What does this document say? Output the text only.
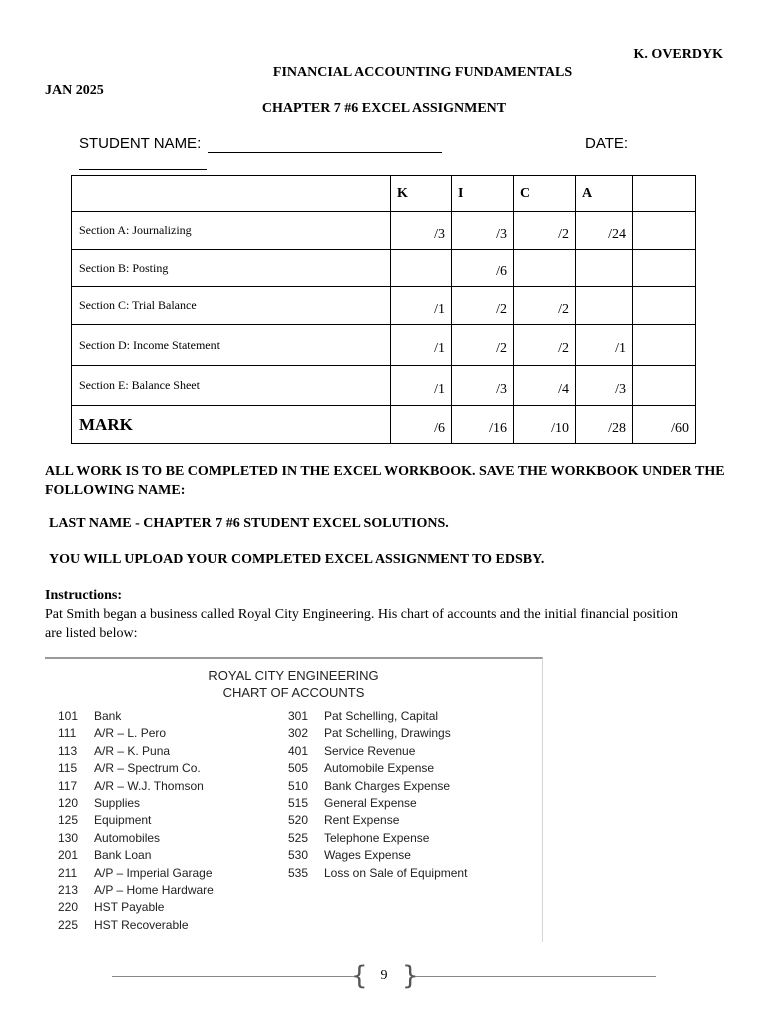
K. OVERDYK
FINANCIAL ACCOUNTING FUNDAMENTALS
JAN 2025
CHAPTER 7 #6 EXCEL ASSIGNMENT
STUDENT NAME:	DATE:

	K	I	C	A	

Section A: Journalizing	/3	/3	/2	/24	
Section B: Posting		/6			
Section C: Trial Balance	/1	/2	/2		
Section D: Income Statement	/1	/2	/2	/1	
Section E: Balance Sheet	/1	/3	/4	/3	
MARK	/6	/16	/10	/28	/60
ALL WORK IS TO BE COMPLETED IN THE EXCEL WORKBOOK. SAVE THE WORKBOOK UNDER THE FOLLOWING NAME:
LAST NAME - CHAPTER 7 #6 STUDENT EXCEL SOLUTIONS.
YOU WILL UPLOAD YOUR COMPLETED EXCEL ASSIGNMENT TO EDSBY.
Instructions:
Pat Smith began a business called Royal City Engineering. His chart of accounts and the initial financial position are listed below:
ROYAL CITY ENGINEERING
CHART OF ACCOUNTS
101 Bank
111 A/R – L. Pero
113 A/R – K. Puna
115 A/R – Spectrum Co.
117 A/R – W.J. Thomson
120 Supplies
125 Equipment
130 Automobiles
201 Bank Loan
211 A/P – Imperial Garage
213 A/P – Home Hardware
220 HST Payable
225 HST Recoverable
301 Pat Schelling, Capital
302 Pat Schelling, Drawings
401 Service Revenue
505 Automobile Expense
510 Bank Charges Expense
515 General Expense
520 Rent Expense
525 Telephone Expense
530 Wages Expense
535 Loss on Sale of Equipment
{ }
9
